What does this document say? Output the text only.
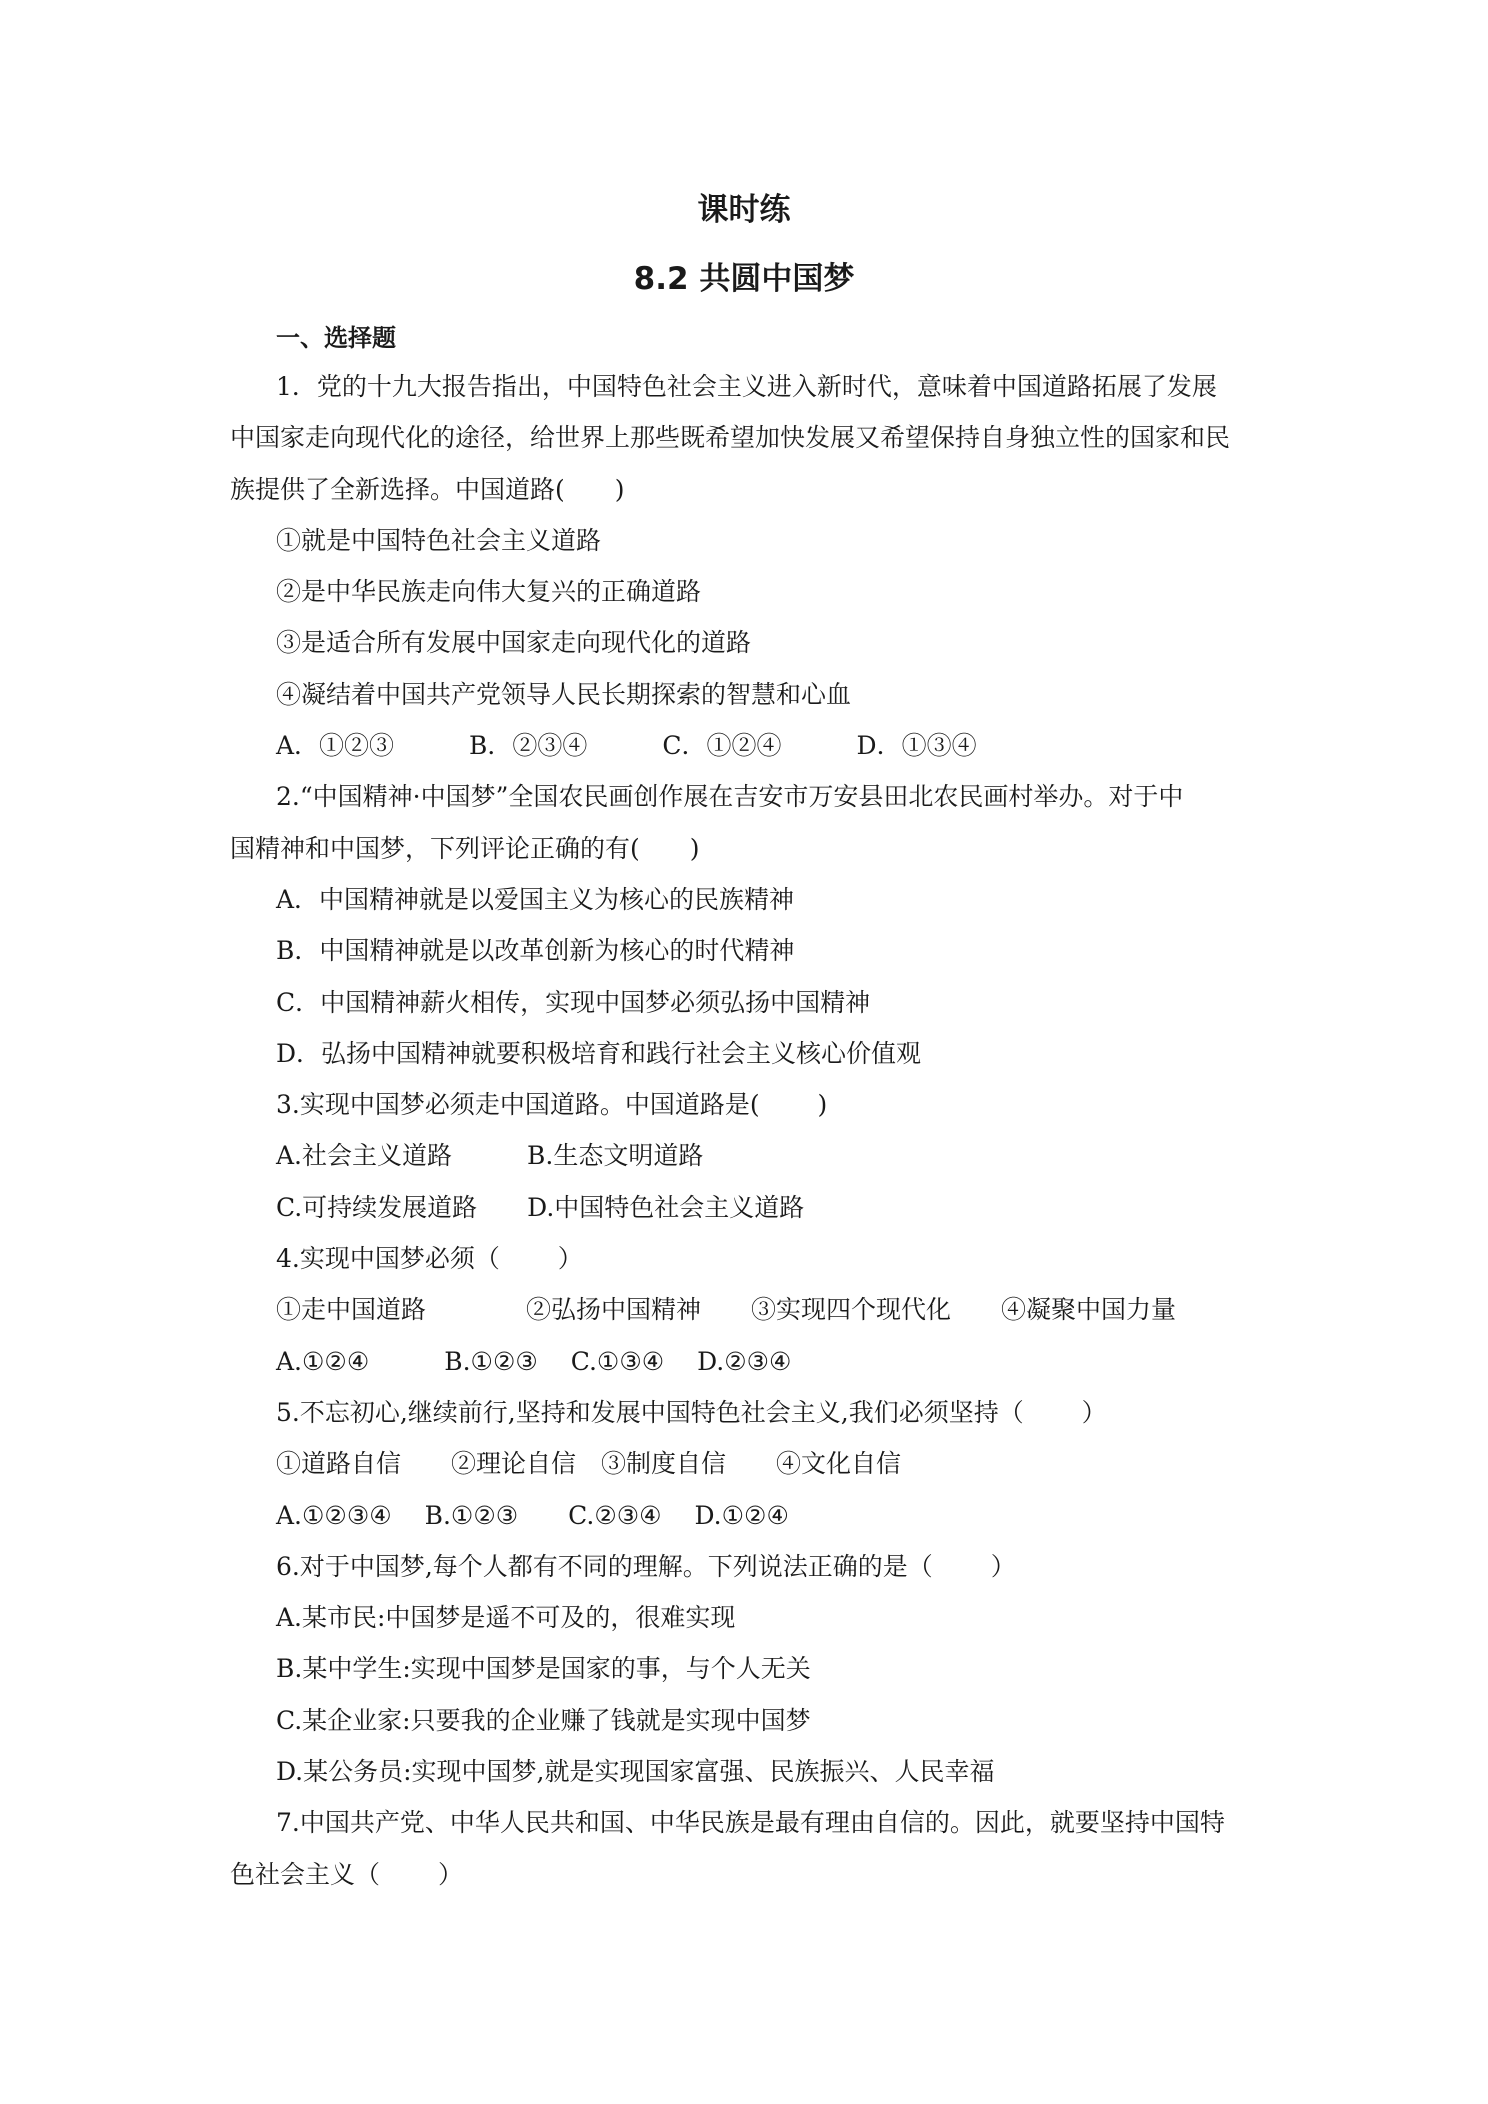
课时练
8.2 共圆中国梦
一、选择题
1．党的十九大报告指出，中国特色社会主义进入新时代，意味着中国道路拓展了发展
中国家走向现代化的途径，给世界上那些既希望加快发展又希望保持自身独立性的国家和民
族提供了全新选择。中国道路(　　)
①就是中国特色社会主义道路
②是中华民族走向伟大复兴的正确道路
③是适合所有发展中国家走向现代化的道路
④凝结着中国共产党领导人民长期探索的智慧和心血
A．①②③　　　B．②③④　　　C．①②④　　　D．①③④
2.“中国精神·中国梦”全国农民画创作展在吉安市万安县田北农民画村举办。对于中
国精神和中国梦，下列评论正确的有(　　)
A．中国精神就是以爱国主义为核心的民族精神
B．中国精神就是以改革创新为核心的时代精神
C．中国精神薪火相传，实现中国梦必须弘扬中国精神
D．弘扬中国精神就要积极培育和践行社会主义核心价值观
3.实现中国梦必须走中国道路。中国道路是(　　 )
A.社会主义道路　　　B.生态文明道路
C.可持续发展道路　　D.中国特色社会主义道路
4.实现中国梦必须（　　 ）
①走中国道路　　　　②弘扬中国精神　　③实现四个现代化　　④凝聚中国力量
A.①②④　　　B.①②③　 C.①③④　 D.②③④
5.不忘初心,继续前行,坚持和发展中国特色社会主义,我们必须坚持（　　 ）
①道路自信　　②理论自信　③制度自信　　④文化自信
A.①②③④　 B.①②③　　C.②③④　 D.①②④
6.对于中国梦,每个人都有不同的理解。下列说法正确的是（　　 ）
A.某市民:中国梦是遥不可及的，很难实现
B.某中学生:实现中国梦是国家的事，与个人无关
C.某企业家:只要我的企业赚了钱就是实现中国梦
D.某公务员:实现中国梦,就是实现国家富强、民族振兴、人民幸福
7.中国共产党、中华人民共和国、中华民族是最有理由自信的。因此，就要坚持中国特
色社会主义（　　 ）
